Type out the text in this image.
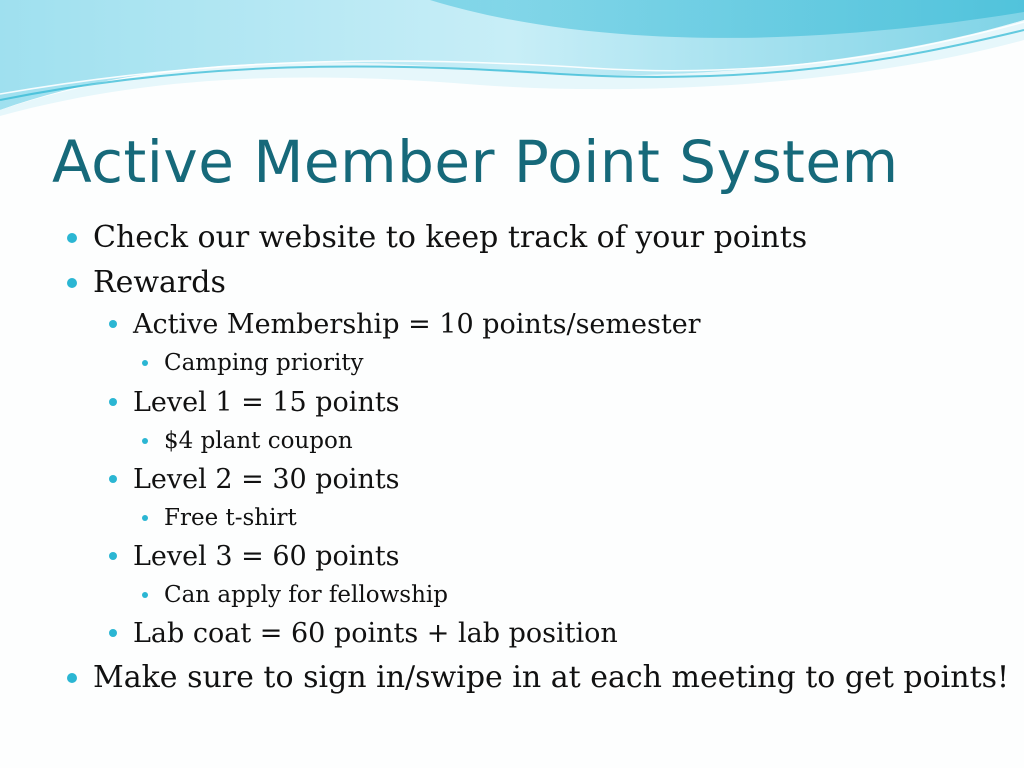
Active Member Point System
Check our website to keep track of your points
Rewards
Active Membership = 10 points/semester
Camping priority
Level 1 = 15 points
$4 plant coupon
Level 2 = 30 points
Free t-shirt
Level 3 = 60 points
Can apply for fellowship
Lab coat = 60 points + lab position
Make sure to sign in/swipe in at each meeting to get points!
